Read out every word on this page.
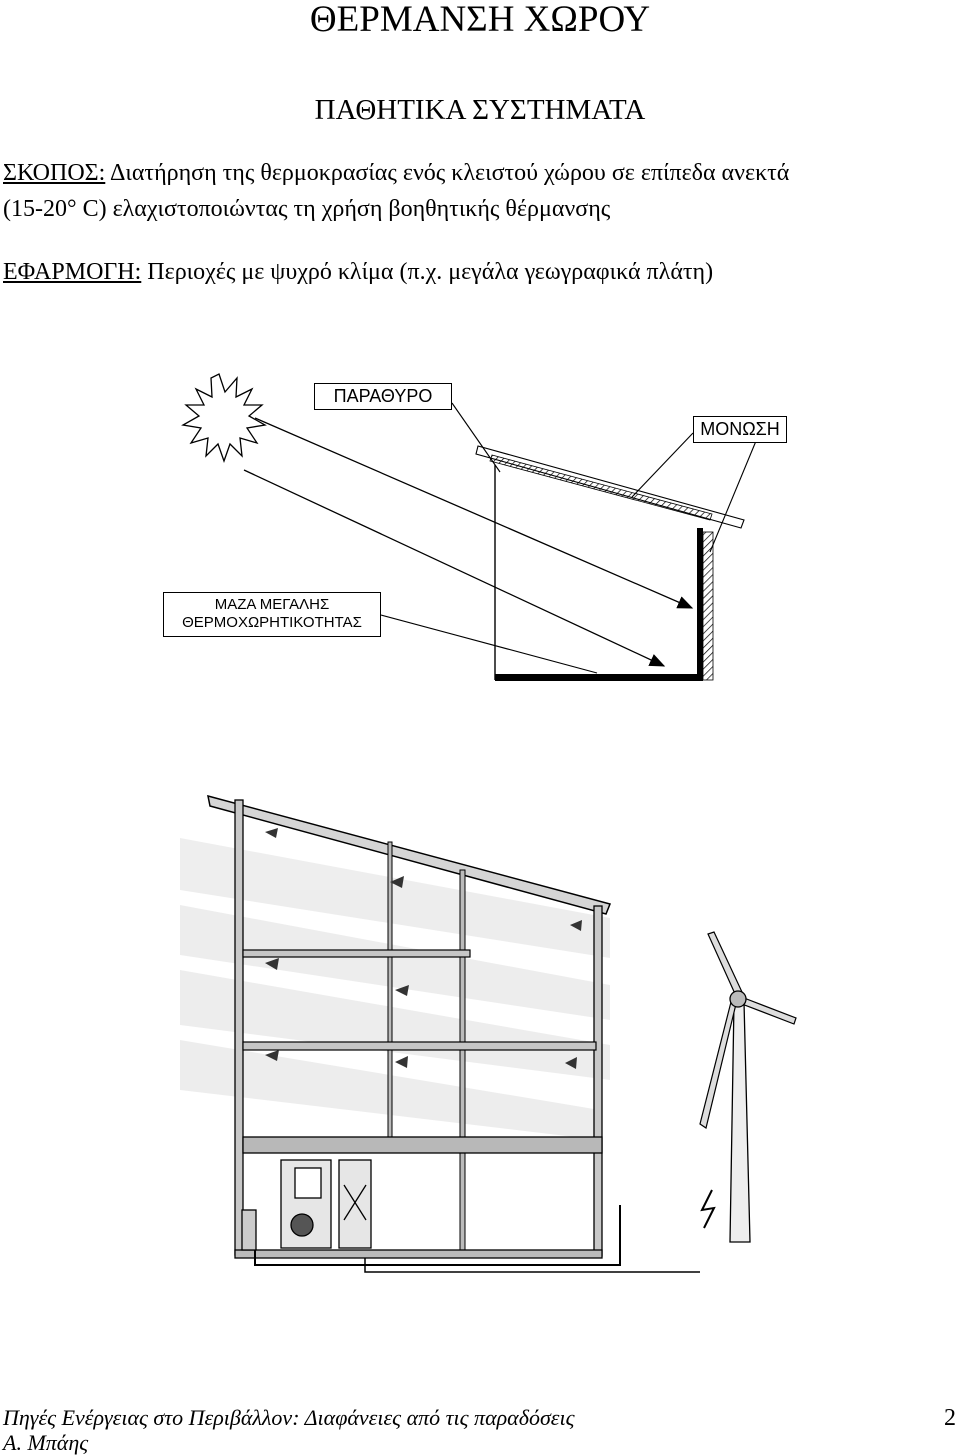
ΘΕΡΜΑΝΣΗ ΧΩΡΟΥ
ΠΑΘΗΤΙΚΑ ΣΥΣΤΗΜΑΤΑ
ΣΚΟΠΟΣ: Διατήρηση της θερμοκρασίας ενός κλειστού χώρου σε επίπεδα ανεκτά
(15-20° C) ελαχιστοποιώντας τη χρήση βοηθητικής θέρμανσης
ΕΦΑΡΜΟΓΗ: Περιοχές με ψυχρό κλίμα (π.χ. μεγάλα γεωγραφικά πλάτη)
ΠΑΡΑΘΥΡΟ
ΜΟΝΩΣΗ
ΜΑΖΑ ΜΕΓΑΛΗΣ
ΘΕΡΜΟΧΩΡΗΤΙΚΟΤΗΤΑΣ
Πηγές Ενέργειας στο Περιβάλλον: Διαφάνειες από τις παραδόσεις
Α. Μπάης
2
